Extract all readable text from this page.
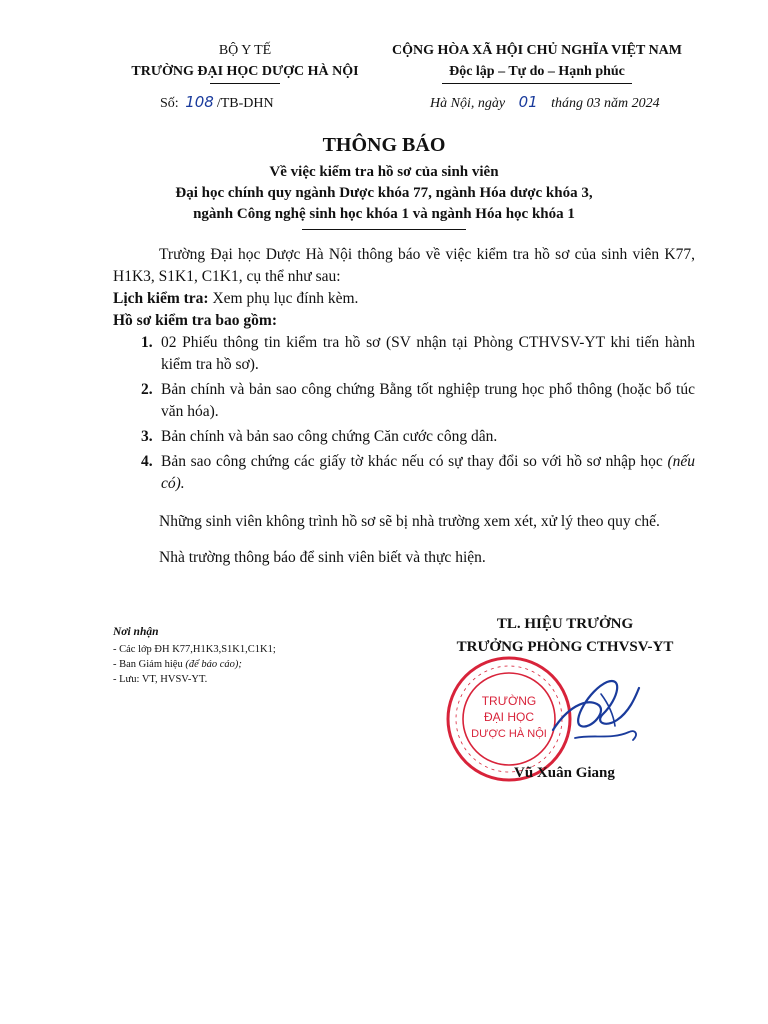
BỘ Y TẾ
TRƯỜNG ĐẠI HỌC DƯỢC HÀ NỘI
CỘNG HÒA XÃ HỘI CHỦ NGHĨA VIỆT NAM
Độc lập – Tự do – Hạnh phúc
Số: 108 /TB-DHN	Hà Nội, ngày 01 tháng 03 năm 2024
THÔNG BÁO
Về việc kiểm tra hồ sơ của sinh viên
Đại học chính quy ngành Dược khóa 77, ngành Hóa dược khóa 3,
ngành Công nghệ sinh học khóa 1 và ngành Hóa học khóa 1

Trường Đại học Dược Hà Nội thông báo về việc kiểm tra hồ sơ của sinh viên K77, H1K3, S1K1, C1K1, cụ thể như sau:

Lịch kiểm tra: Xem phụ lục đính kèm.

Hồ sơ kiểm tra bao gồm:

1. 02 Phiếu thông tin kiểm tra hồ sơ (SV nhận tại Phòng CTHVSV-YT khi tiến hành kiểm tra hồ sơ).
2. Bản chính và bản sao công chứng Bằng tốt nghiệp trung học phổ thông (hoặc bổ túc văn hóa).
3. Bản chính và bản sao công chứng Căn cước công dân.
4. Bản sao công chứng các giấy tờ khác nếu có sự thay đổi so với hồ sơ nhập học (nếu có).

Những sinh viên không trình hồ sơ sẽ bị nhà trường xem xét, xử lý theo quy chế.

Nhà trường thông báo để sinh viên biết và thực hiện.

Nơi nhận
- Các lớp ĐH K77,H1K3,S1K1,C1K1;
- Ban Giám hiệu (để báo cáo);
- Lưu: VT, HVSV-YT.
TL. HIỆU TRƯỞNG
TRƯỞNG PHÒNG CTHVSV-YT
TRƯỜNG
ĐẠI HỌC
DƯỢC HÀ NỘI
Vũ Xuân Giang
